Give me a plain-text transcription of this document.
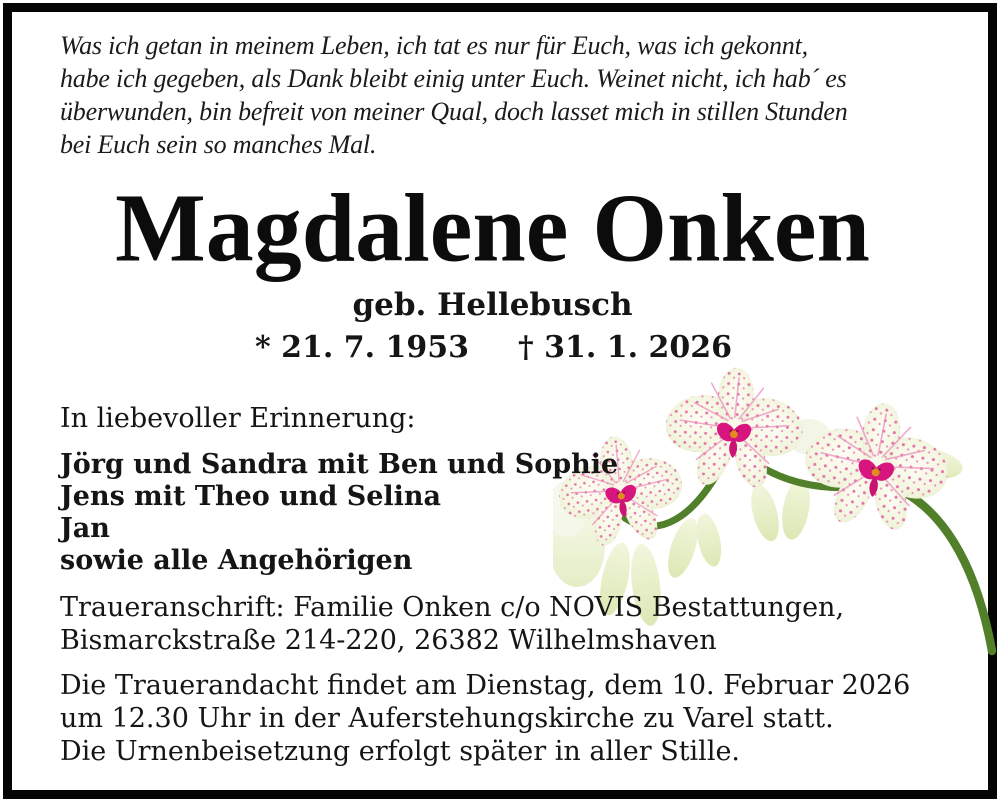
Was ich getan in meinem Leben, ich tat es nur für Euch, was ich gekonnt,
habe ich gegeben, als Dank bleibt einig unter Euch. Weinet nicht, ich hab´ es
überwunden, bin befreit von meiner Qual, doch lasset mich in stillen Stunden
bei Euch sein so manches Mal.
Magdalene Onken
geb. Hellebusch
* 21. 7. 1953 † 31. 1. 2026
In liebevoller Erinnerung:
Jörg und Sandra mit Ben und Sophie
Jens mit Theo und Selina
Jan
sowie alle Angehörigen
Traueranschrift: Familie Onken c/o NOVIS Bestattungen,
Bismarckstraße 214-220, 26382 Wilhelmshaven
Die Trauerandacht findet am Dienstag, dem 10. Februar 2026
um 12.30 Uhr in der Auferstehungskirche zu Varel statt.
Die Urnenbeisetzung erfolgt später in aller Stille.
